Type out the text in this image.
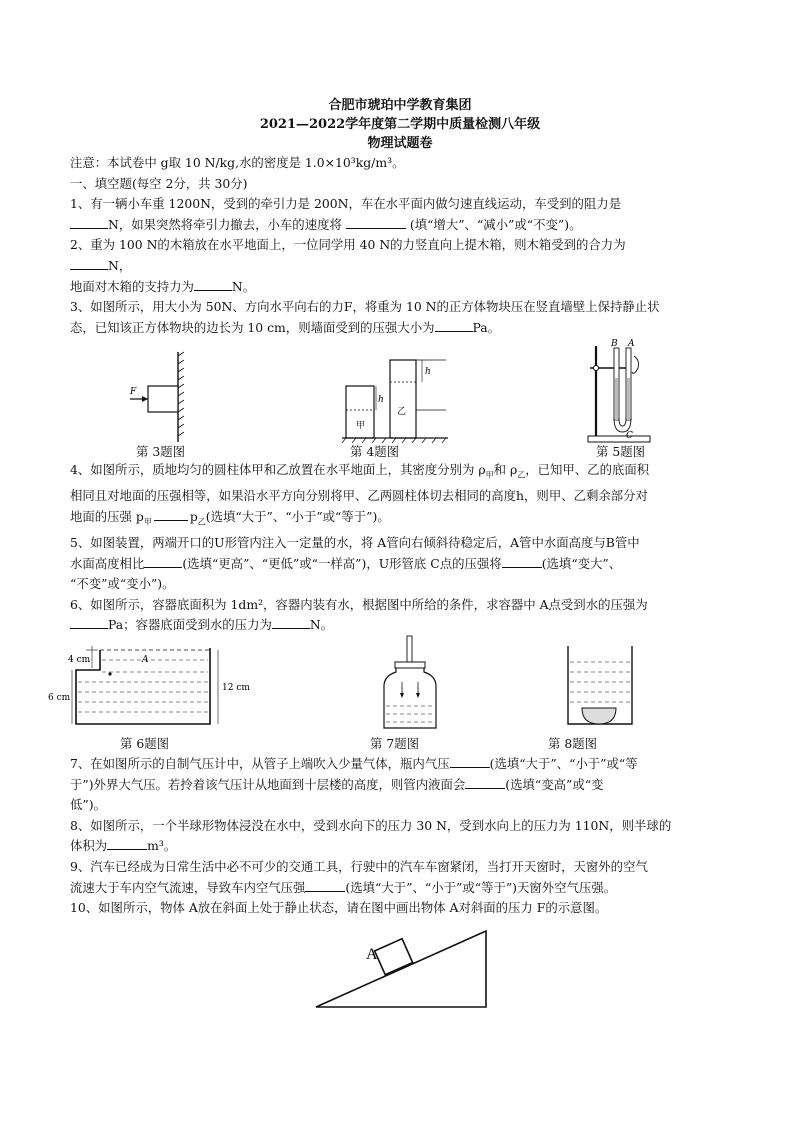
合肥市琥珀中学教育集团
2021—2022学年度第二学期中质量检测八年级
物理试题卷
注意：本试卷中 g取 10 N/kg,水的密度是 1.0×10³kg/m³。
一、填空题(每空 2分，共 30分)
1、有一辆小车重 1200N，受到的牵引力是 200N，车在水平面内做匀速直线运动，车受到的阻力是
N，如果突然将牵引力撤去，小车的速度将	(填“增大”、“减小”或“不变”)。
2、重为 100 N的木箱放在水平地面上，一位同学用 40 N的力竖直向上提木箱，则木箱受到的合力为
N，
地面对木箱的支持力为	N。
3、如图所示，用大小为 50N、方向水平向右的力F，将重为 10 N的正方体物块压在竖直墙壁上保持静止状
态，已知该正方体物块的边长为 10 cm，则墙面受到的压强大小为	Pa。
F
第 3题图
h
h
甲
乙
第 4题图
B A
C
第 5题图
4、如图所示，质地均匀的圆柱体甲和乙放置在水平地面上，其密度分别为 $\rho_甲$和 $\rho_乙$，已知甲、乙的底面积
相同且对地面的压强相等，如果沿水平方向分别将甲、乙两圆柱体切去相同的高度h，则甲、乙剩余部分对
地面的压强 $p_甲$	$p_乙$(选填“大于”、“小于”或“等于”)。
5、如图装置，两端开口的U形管内注入一定量的水，将 A管向右倾斜待稳定后，A管中水面高度与B管中
水面高度相比	(选填“更高”、“更低”或“一样高”)，U形管底 C点的压强将	(选填“变大”、
“不变”或“变小”)。
6、如图所示，容器底面积为 1dm²，容器内装有水，根据图中所给的条件，求容器中 A点受到水的压强为
Pa；容器底面受到水的压力为	N。
4 cm	A
12 cm
6 cm
第 6题图	第 7题图	第 8题图
7、在如图所示的自制气压计中，从管子上端吹入少量气体，瓶内气压	(选填“大于”、“小于”或“等
于”)外界大气压。若拎着该气压计从地面到十层楼的高度，则管内液面会	(选填“变高”或“变
低”)。
8、如图所示，一个半球形物体浸没在水中，受到水向下的压力 30 N，受到水向上的压力为 110N，则半球的
体积为	m³。
9、汽车已经成为日常生活中必不可少的交通工具，行驶中的汽车车窗紧闭，当打开天窗时，天窗外的空气
流速大于车内空气流速，导致车内空气压强	(选填“大于”、“小于”或“等于”)天窗外空气压强。
10、如图所示，物体 A放在斜面上处于静止状态，请在图中画出物体 A对斜面的压力 F的示意图。
A
